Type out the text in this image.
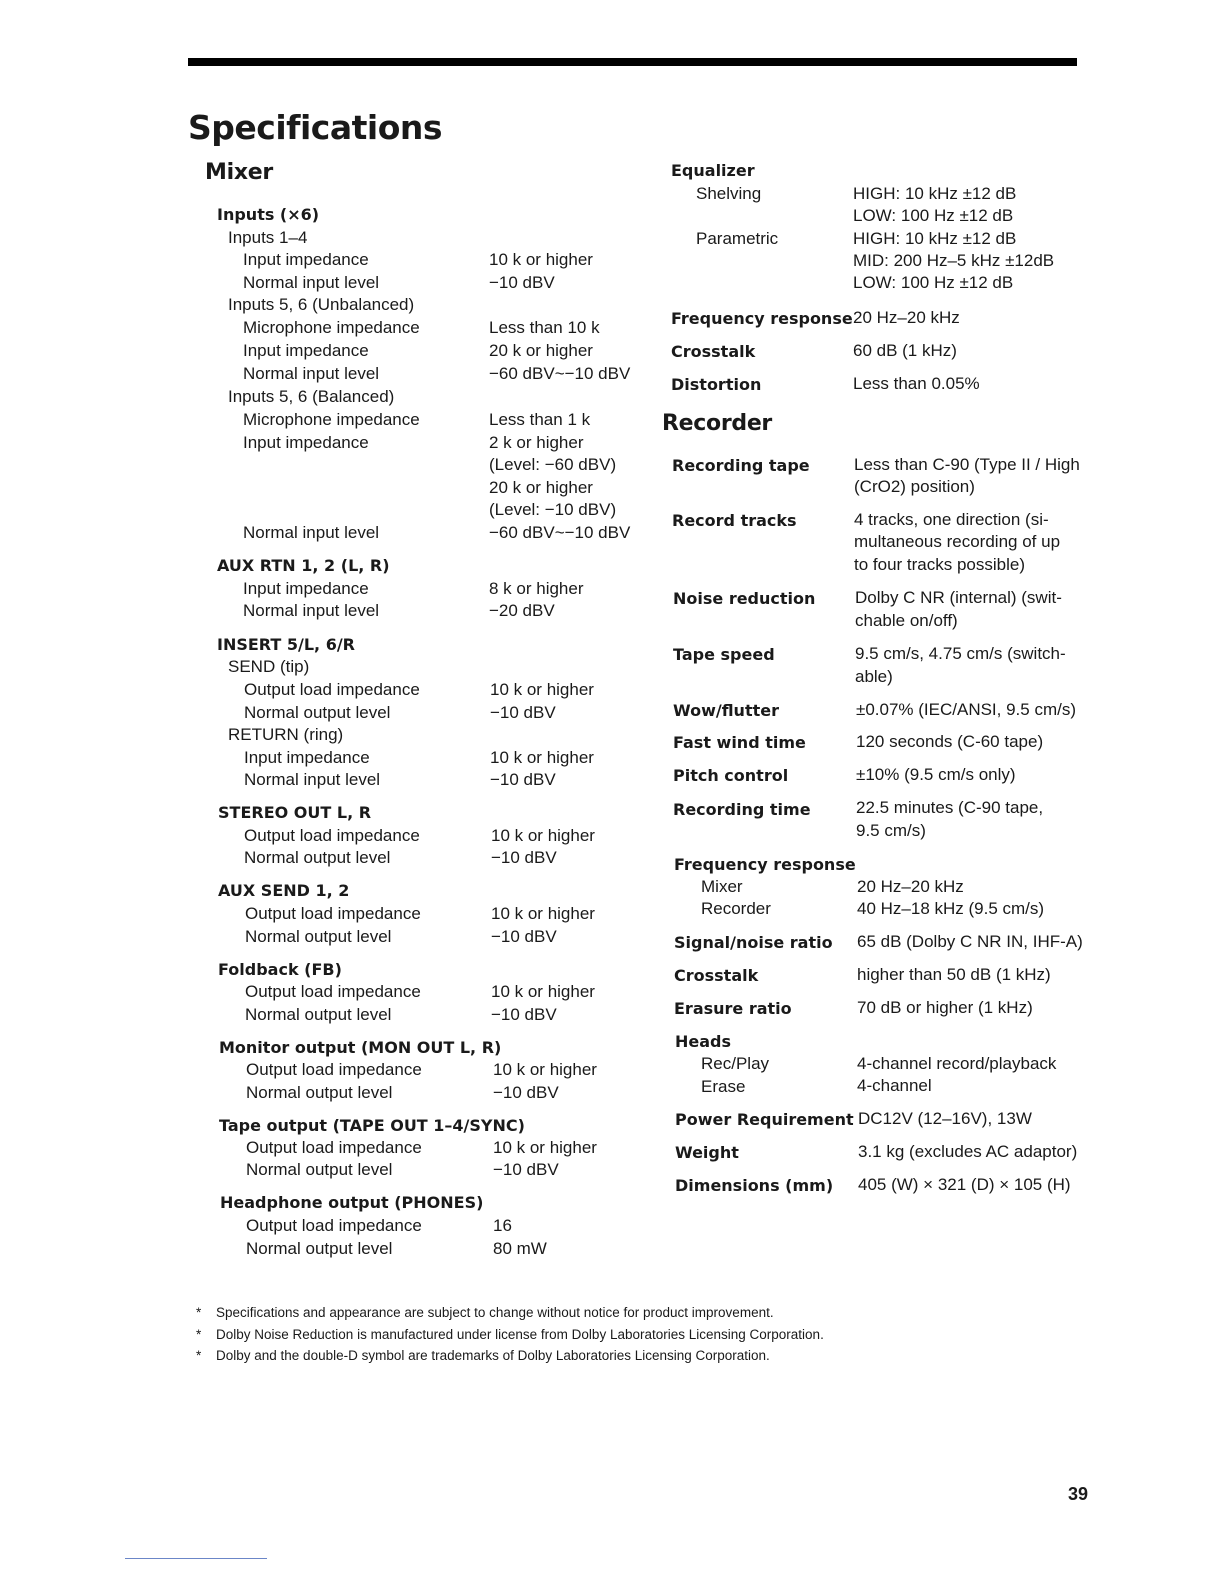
Specifications
Mixer
Inputs (×6)
Inputs 1–4
Input impedance	10 k or higher
Normal input level	−10 dBV
Inputs 5, 6 (Unbalanced)
Microphone impedance	Less than 10 k
Input impedance	20 k or higher
Normal input level	−60 dBV~−10 dBV
Inputs 5, 6 (Balanced)
Microphone impedance	Less than 1 k
Input impedance	2 k or higher
(Level: −60 dBV)
20 k or higher
(Level: −10 dBV)
Normal input level	−60 dBV~−10 dBV
AUX RTN 1, 2 (L, R)
Input impedance	8 k or higher
Normal input level	−20 dBV
INSERT 5/L, 6/R
SEND (tip)
Output load impedance	10 k or higher
Normal output level	−10 dBV
RETURN (ring)
Input impedance	10 k or higher
Normal input level	−10 dBV
STEREO OUT L, R
Output load impedance	10 k or higher
Normal output level	−10 dBV
AUX SEND 1, 2
Output load impedance	10 k or higher
Normal output level	−10 dBV
Foldback (FB)
Output load impedance	10 k or higher
Normal output level	−10 dBV
Monitor output (MON OUT L, R)
Output load impedance	10 k or higher
Normal output level	−10 dBV
Tape output (TAPE OUT 1–4/SYNC)
Output load impedance	10 k or higher
Normal output level	−10 dBV
Headphone output (PHONES)
Output load impedance	16
Normal output level	80 mW
Equalizer
Shelving	HIGH: 10 kHz ±12 dB
LOW: 100 Hz ±12 dB
Parametric	HIGH: 10 kHz ±12 dB
MID: 200 Hz–5 kHz ±12dB
LOW: 100 Hz ±12 dB
Frequency response 20 Hz–20 kHz
Crosstalk	60 dB (1 kHz)
Distortion	Less than 0.05%
Recorder
Recording tape	Less than C-90 (Type II / High
(CrO2) position)
Record tracks	4 tracks, one direction (si-
multaneous recording of up
to four tracks possible)
Noise reduction Dolby C NR (internal) (swit-
chable on/off)
Tape speed	9.5 cm/s, 4.75 cm/s (switch-
able)
Wow/flutter	±0.07% (IEC/ANSI, 9.5 cm/s)
Fast wind time	120 seconds (C-60 tape)
Pitch control	±10% (9.5 cm/s only)
Recording time	22.5 minutes (C-90 tape,
9.5 cm/s)
Frequency response
Mixer	20 Hz–20 kHz
Recorder	40 Hz–18 kHz (9.5 cm/s)
Signal/noise ratio 65 dB (Dolby C NR IN, IHF-A)
Crosstalk	higher than 50 dB (1 kHz)
Erasure ratio	70 dB or higher (1 kHz)
Heads
Rec/Play	4-channel record/playback
Erase	4-channel
Power Requirement DC12V (12–16V), 13W
Weight	3.1 kg (excludes AC adaptor)
Dimensions (mm) 405 (W) × 321 (D) × 105 (H)
* Specifications and appearance are subject to change without notice for product improvement.
* Dolby Noise Reduction is manufactured under license from Dolby Laboratories Licensing Corporation.
* Dolby and the double-D symbol are trademarks of Dolby Laboratories Licensing Corporation.
39
